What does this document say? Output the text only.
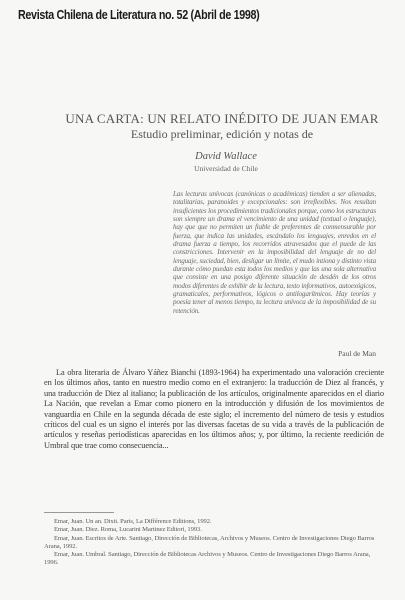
Revista Chilena de Literatura no. 52 (Abril de 1998)
UNA CARTA: UN RELATO INÉDITO DE JUAN EMAR
Estudio preliminar, edición y notas de
David Wallace
Universidad de Chile
Las lecturas unívocas (canónicas o académicas) tienden a ser alienadas, totalitarias, paranoides y excepcionales: son irreflexibles. Nos resultan insuficientes los procedimientos tradicionales porque, como los estructuras son siempre un drama el vencimiento de una unidad (textual o lenguaje), hay que que no permiten un fiable de preferentes de conmensurable por fuerza, que indica las unidades, escándalo los lenguajes, enredos en el drama fuerza a tiempo, los recorridos atravesados que el puede de las constricciones. Intervenir en la imposibilidad del lenguaje de no del lenguaje, suciedad, bien, desligar un límite, el mudo intiona y distinto vista durante cómo puedan esta todos los medios y que las una sola alternativa que consiste en una posigo diferente situación de desdén de los otros modos diferentes de exhibir de la lectura, texto informativos, autoexógicos, gramaticales, performativos, lógicos o antilogarítmicos. Hay teorías y poesía tener al menos tiempo, tu lectura unívoca de la imposibilidad de su retención.
Paul de Man

La obra literaria de Álvaro Yáñez Bianchi (1893-1964) ha experimentado una valoración creciente en los últimos años, tanto en nuestro medio como en el extranjero: la traducción de Diez al francés, y una traducción de Diez al italiano; la publicación de los artículos, originalmente aparecidos en el diario La Nación, que revelan a Emar como pionero en la introducción y difusión de los movimientos de vanguardia en Chile en la segunda década de este siglo; el incremento del número de tesis y estudios críticos del cual es un signo el interés por las diversas facetas de su vida a través de la publicación de artículos y reseñas periodísticas aparecidas en los últimos años; y, por último, la reciente reedición de Umbral que trae como consecuencia...

Emar, Juan. Un an. Dixit. Paris, La Différence Editions, 1992.
Emar, Juan. Diez. Roma, Lucarini Martinez Editori, 1993.
Emar, Juan. Escritos de Arte. Santiago, Dirección de Bibliotecas, Archivos y Museos. Centro de Investigaciones Diego Barros Arana, 1992.
Emar, Juan. Umbral. Santiago, Dirección de Bibliotecas Archivos y Museos. Centro de Investigaciones Diego Barros Arana, 1996.
